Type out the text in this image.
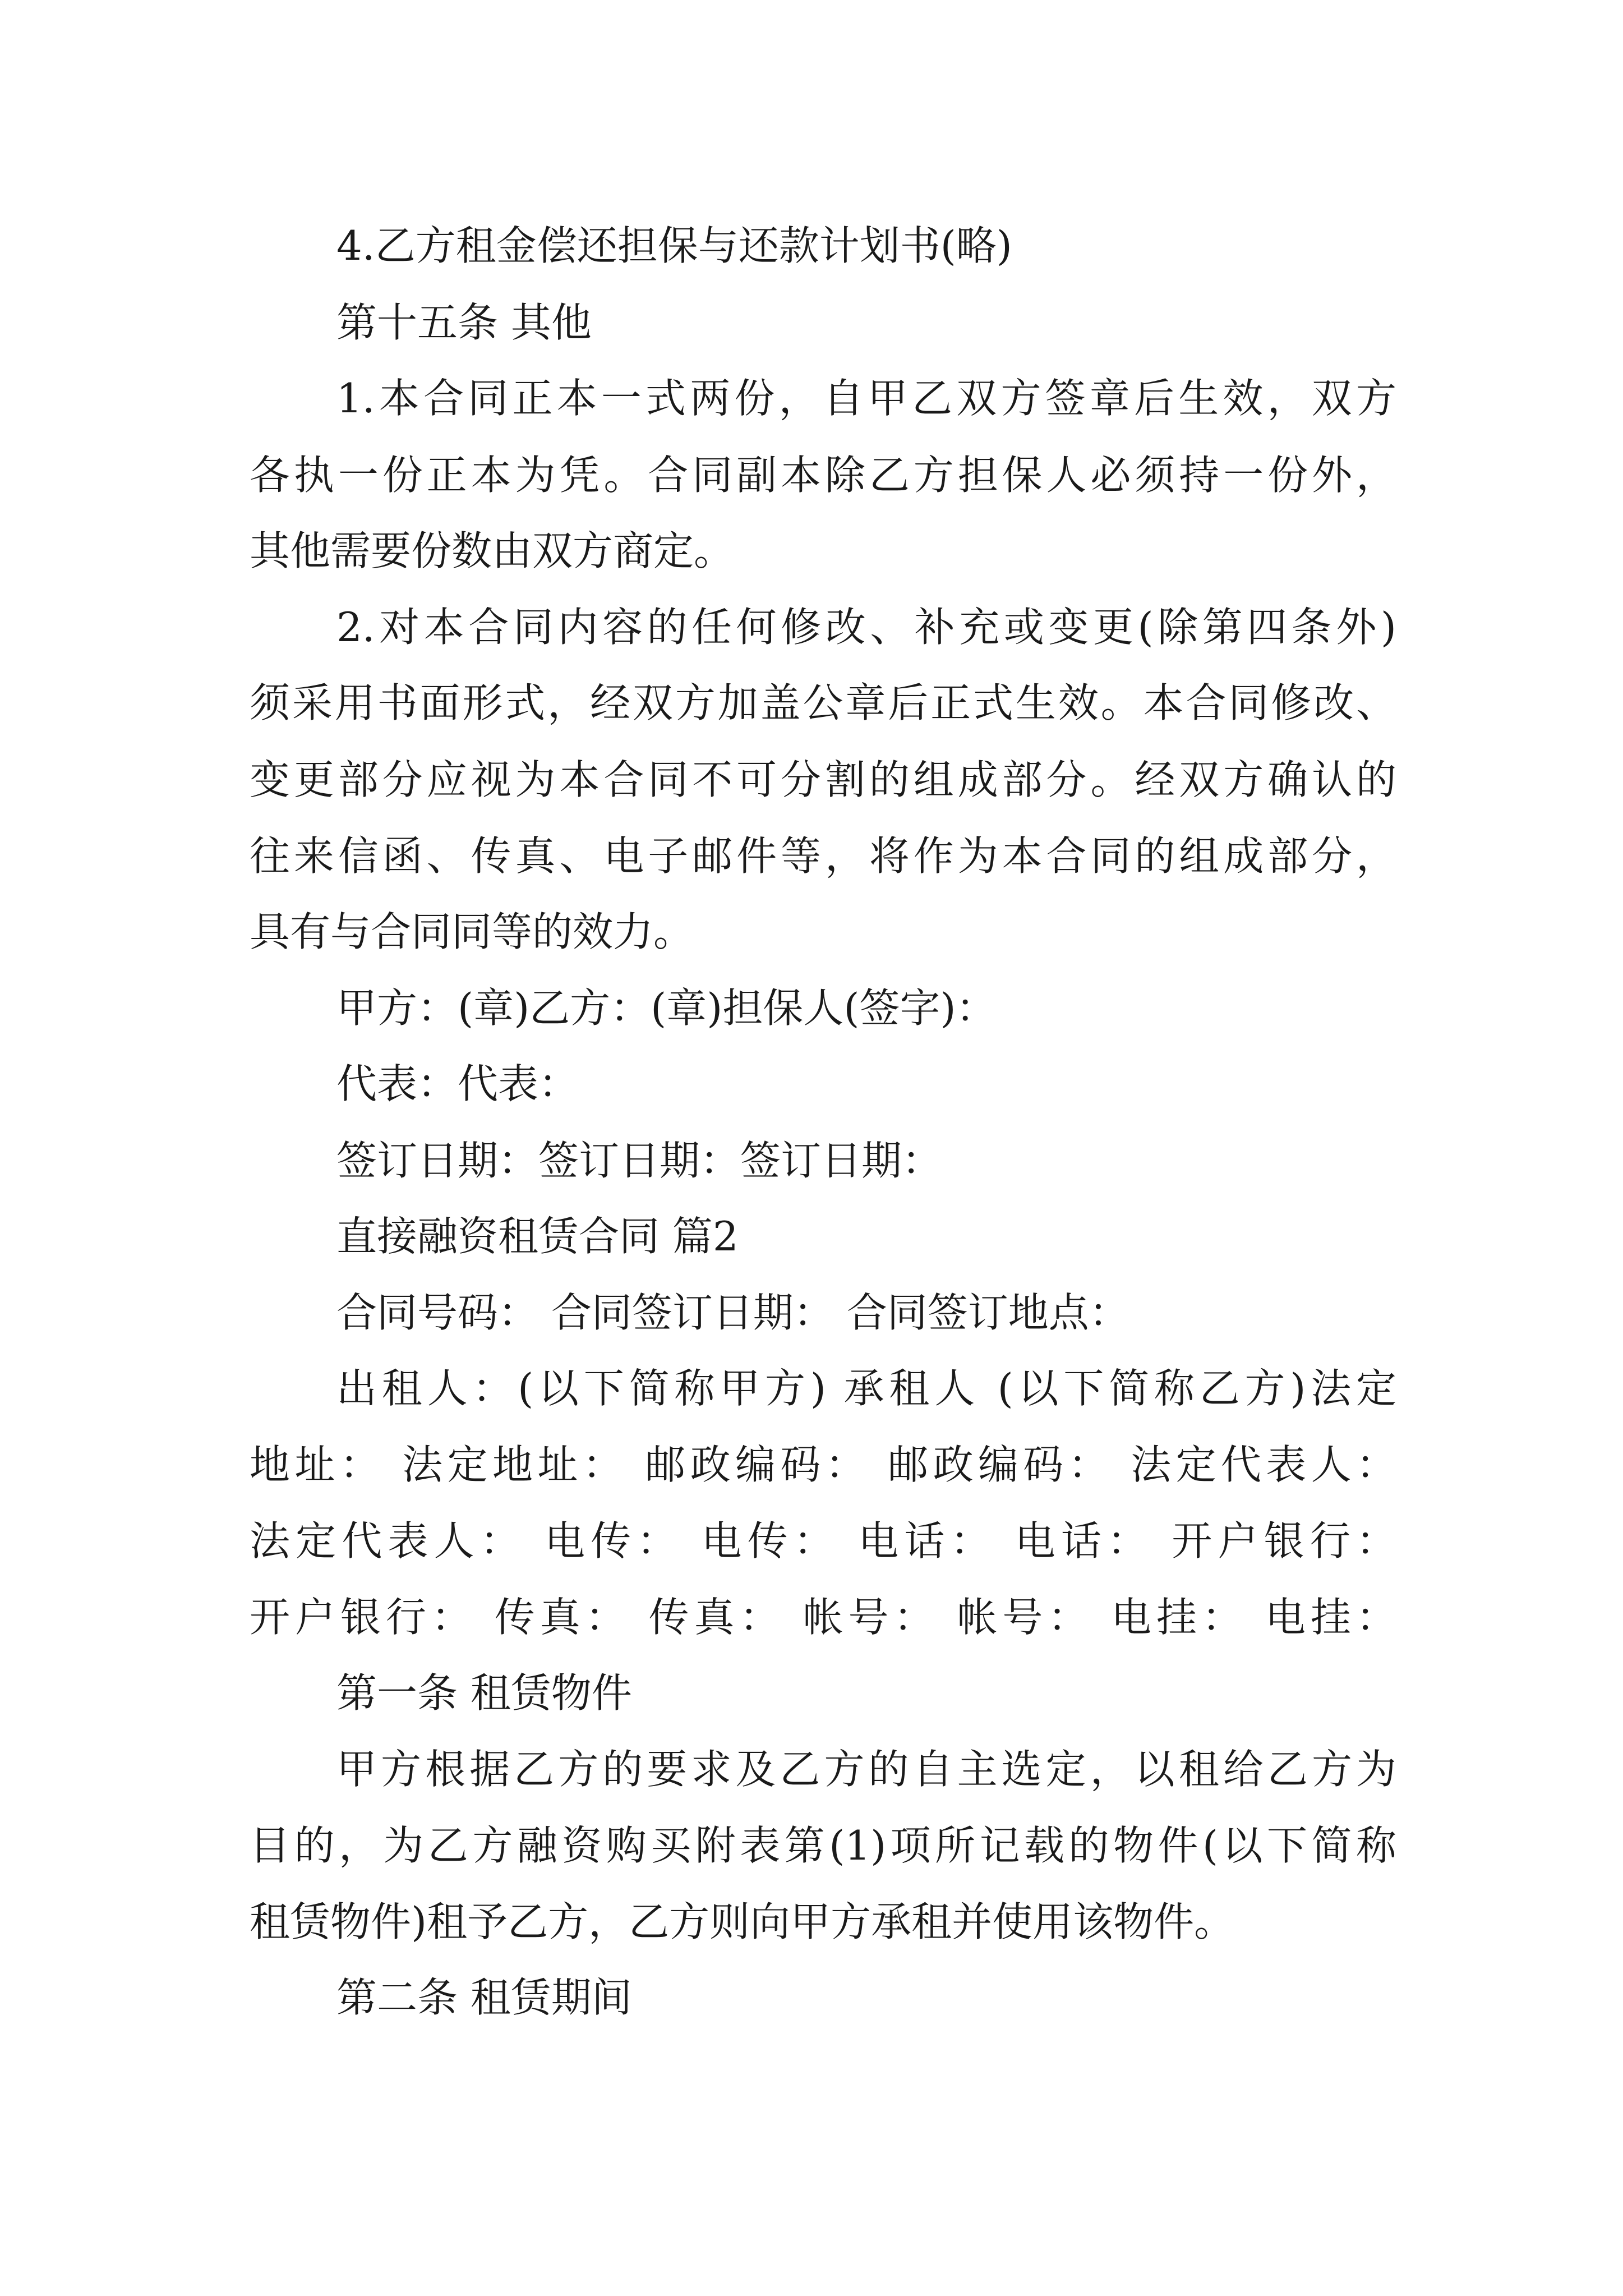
4.乙方租金偿还担保与还款计划书(略)

第十五条 其他

1.本合同正本一式两份，自甲乙双方签章后生效，双方

各执一份正本为凭。合同副本除乙方担保人必须持一份外，

其他需要份数由双方商定。

2.对本合同内容的任何修改、补充或变更(除第四条外)

须采用书面形式，经双方加盖公章后正式生效。本合同修改、

变更部分应视为本合同不可分割的组成部分。经双方确认的

往来信函、传真、电子邮件等，将作为本合同的组成部分，

具有与合同同等的效力。

甲方：(章)乙方：(章)担保人(签字)：

代表：代表：

签订日期：签订日期：签订日期：

直接融资租赁合同 篇2

合同号码： 合同签订日期： 合同签订地点：

出租人：(以下简称甲方) 承租人 (以下简称乙方)法定

地址： 法定地址： 邮政编码： 邮政编码： 法定代表人：

法定代表人： 电传： 电传： 电话： 电话： 开户银行：

开户银行： 传真： 传真： 帐号： 帐号： 电挂： 电挂：

第一条 租赁物件

甲方根据乙方的要求及乙方的自主选定，以租给乙方为

目的，为乙方融资购买附表第(1)项所记载的物件(以下简称

租赁物件)租予乙方，乙方则向甲方承租并使用该物件。

第二条 租赁期间
